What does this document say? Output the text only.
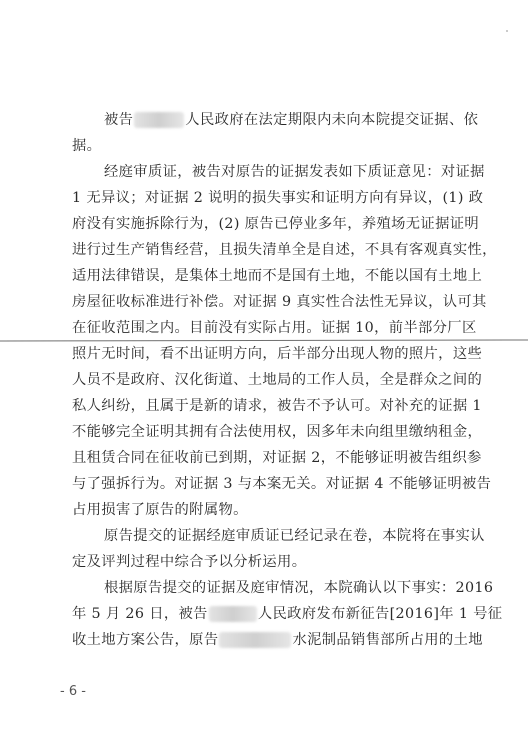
被告	人民政府在法定期限内未向本院提交证据、依
据。
经庭审质证，被告对原告的证据发表如下质证意见：对证据
1 无异议；对证据 2 说明的损失事实和证明方向有异议，(1) 政
府没有实施拆除行为，(2) 原告已停业多年，养殖场无证据证明
进行过生产销售经营，且损失清单全是自述，不具有客观真实性，
适用法律错误，是集体土地而不是国有土地，不能以国有土地上
房屋征收标准进行补偿。对证据 9 真实性合法性无异议，认可其
在征收范围之内。目前没有实际占用。证据 10，前半部分厂区
照片无时间，看不出证明方向，后半部分出现人物的照片，这些
人员不是政府、汉化街道、土地局的工作人员，全是群众之间的
私人纠纷，且属于是新的请求，被告不予认可。对补充的证据 1
不能够完全证明其拥有合法使用权，因多年未向组里缴纳租金，
且租赁合同在征收前已到期，对证据 2，不能够证明被告组织参
与了强拆行为。对证据 3 与本案无关。对证据 4 不能够证明被告
占用损害了原告的附属物。
原告提交的证据经庭审质证已经记录在卷，本院将在事实认
定及评判过程中综合予以分析运用。
根据原告提交的证据及庭审情况，本院确认以下事实：2016
年 5 月 26 日，被告	人民政府发布新征告[2016]年 1 号征
收土地方案公告，原告	水泥制品销售部所占用的土地
- 6 -
